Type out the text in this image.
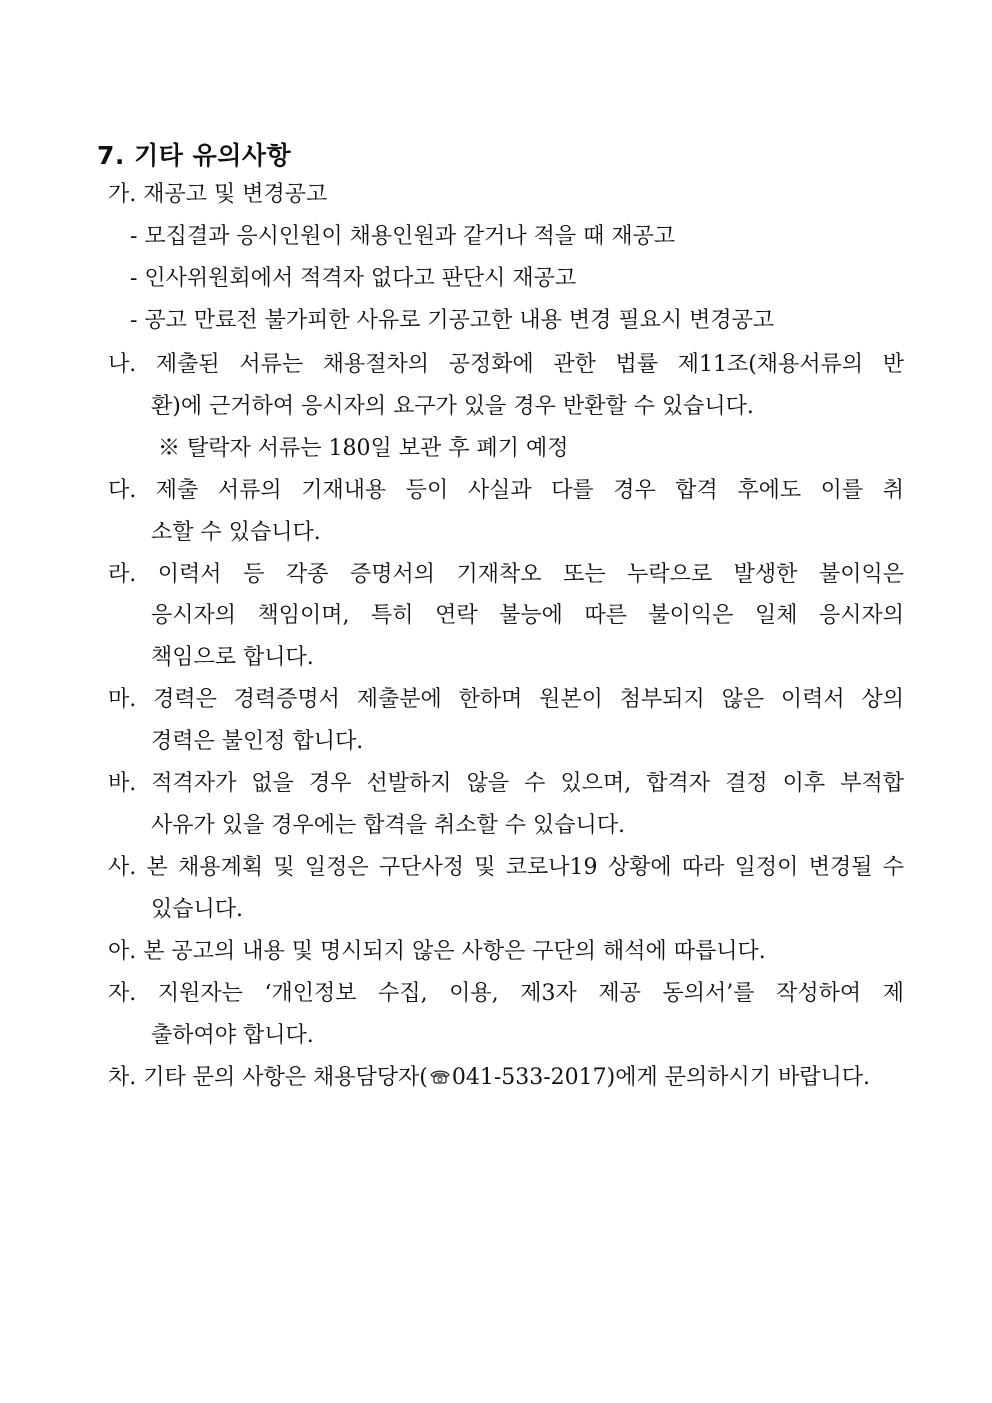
7. 기타 유의사항
가. 재공고 및 변경공고
- 모집결과 응시인원이 채용인원과 같거나 적을 때 재공고
- 인사위원회에서 적격자 없다고 판단시 재공고
- 공고 만료전 불가피한 사유로 기공고한 내용 변경 필요시 변경공고
나. 제출된 서류는 채용절차의 공정화에 관한 법률 제11조(채용서류의 반
환)에 근거하여 응시자의 요구가 있을 경우 반환할 수 있습니다.
※ 탈락자 서류는 180일 보관 후 폐기 예정
다. 제출 서류의 기재내용 등이 사실과 다를 경우 합격 후에도 이를 취
소할 수 있습니다.
라. 이력서 등 각종 증명서의 기재착오 또는 누락으로 발생한 불이익은
응시자의 책임이며, 특히 연락 불능에 따른 불이익은 일체 응시자의
책임으로 합니다.
마. 경력은 경력증명서 제출분에 한하며 원본이 첨부되지 않은 이력서 상의
경력은 불인정 합니다.
바. 적격자가 없을 경우 선발하지 않을 수 있으며, 합격자 결정 이후 부적합
사유가 있을 경우에는 합격을 취소할 수 있습니다.
사. 본 채용계획 및 일정은 구단사정 및 코로나19 상황에 따라 일정이 변경될 수
있습니다.
아. 본 공고의 내용 및 명시되지 않은 사항은 구단의 해석에 따릅니다.
자. 지원자는 ‘개인정보 수집, 이용, 제3자 제공 동의서’를 작성하여 제
출하여야 합니다.
차. 기타 문의 사항은 채용담당자( 041-533-2017)에게 문의하시기 바랍니다.
